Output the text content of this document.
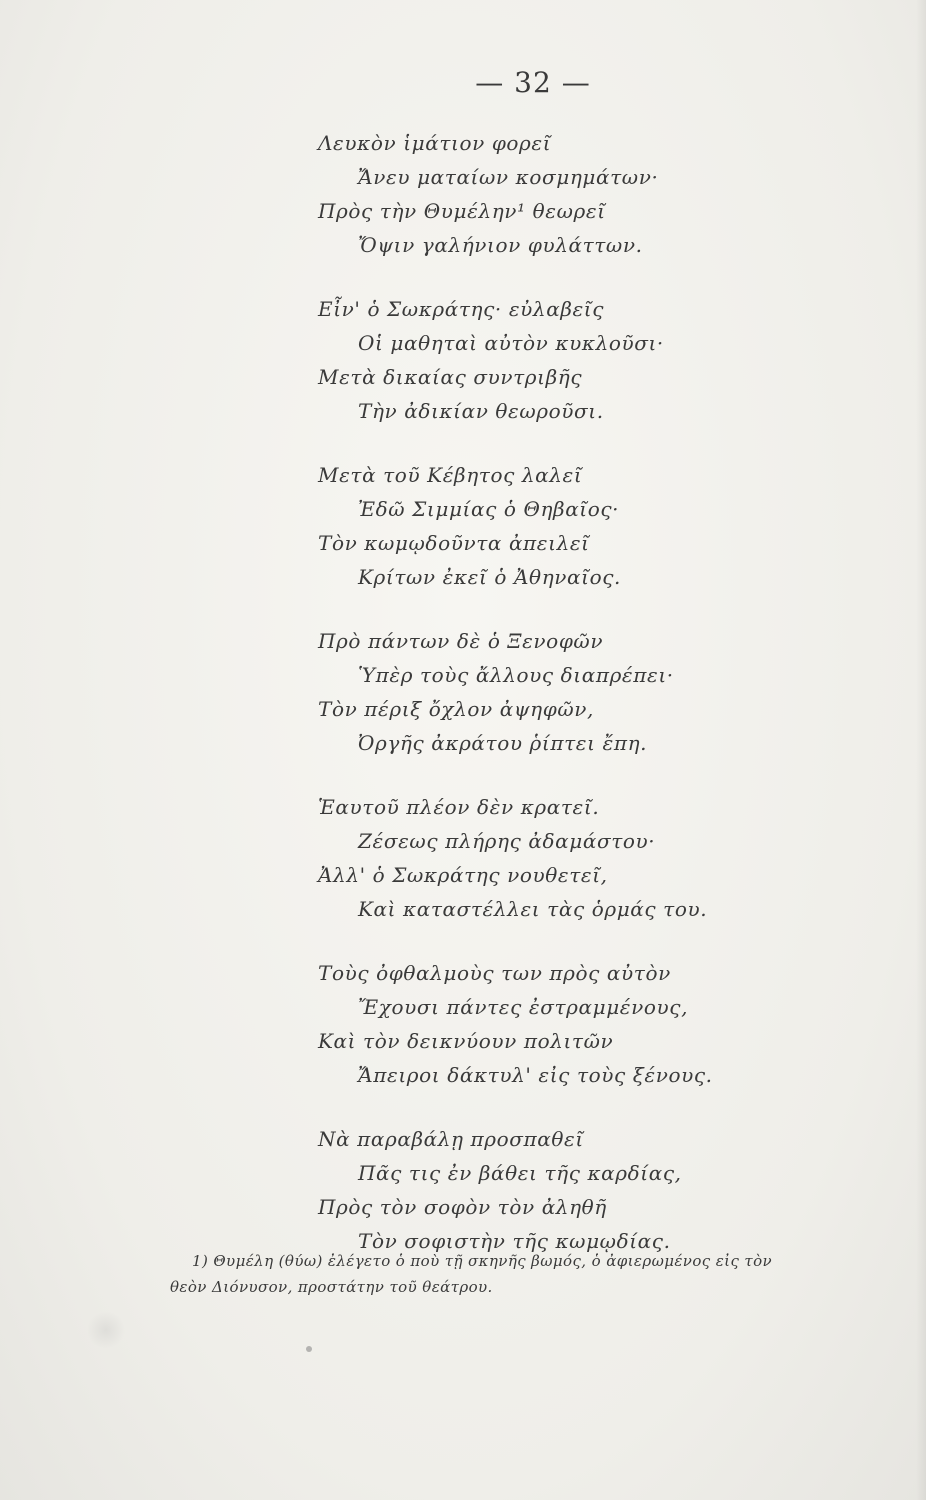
— 32 —
Λευκὸν ἱμάτιον φορεῖ
Ἄνευ ματαίων κοσμημάτων·
Πρὸς τὴν Θυμέλην¹ θεωρεῖ
Ὄψιν γαλήνιον φυλάττων.
Εἶν' ὁ Σωκράτης· εὐλαβεῖς
Οἱ μαθηταὶ αὐτὸν κυκλοῦσι·
Μετὰ δικαίας συντριβῆς
Τὴν ἀδικίαν θεωροῦσι.
Μετὰ τοῦ Κέβητος λαλεῖ
Ἐδῶ Σιμμίας ὁ Θηβαῖος·
Τὸν κωμῳδοῦντα ἀπειλεῖ
Κρίτων ἐκεῖ ὁ Ἀθηναῖος.
Πρὸ πάντων δὲ ὁ Ξενοφῶν
Ὑπὲρ τοὺς ἄλλους διαπρέπει·
Τὸν πέριξ ὄχλον ἀψηφῶν,
Ὀργῆς ἀκράτου ῥίπτει ἔπη.
Ἑαυτοῦ πλέον δὲν κρατεῖ.
Ζέσεως πλήρης ἀδαμάστου·
Ἀλλ' ὁ Σωκράτης νουθετεῖ,
Καὶ καταστέλλει τὰς ὁρμάς του.
Τοὺς ὀφθαλμοὺς των πρὸς αὐτὸν
Ἔχουσι πάντες ἐστραμμένους,
Καὶ τὸν δεικνύουν πολιτῶν
Ἄπειροι δάκτυλ' εἰς τοὺς ξένους.
Νὰ παραβάλῃ προσπαθεῖ
Πᾶς τις ἐν βάθει τῆς καρδίας,
Πρὸς τὸν σοφὸν τὸν ἀληθῆ
Τὸν σοφιστὴν τῆς κωμῳδίας.
1) Θυμέλη (θύω) ἐλέγετο ὁ ποὺ τῇ σκηνῆς βωμός, ὁ ἀφιερωμένος εἰς τὸν
θεὸν Διόνυσον, προστάτην τοῦ θεάτρου.
